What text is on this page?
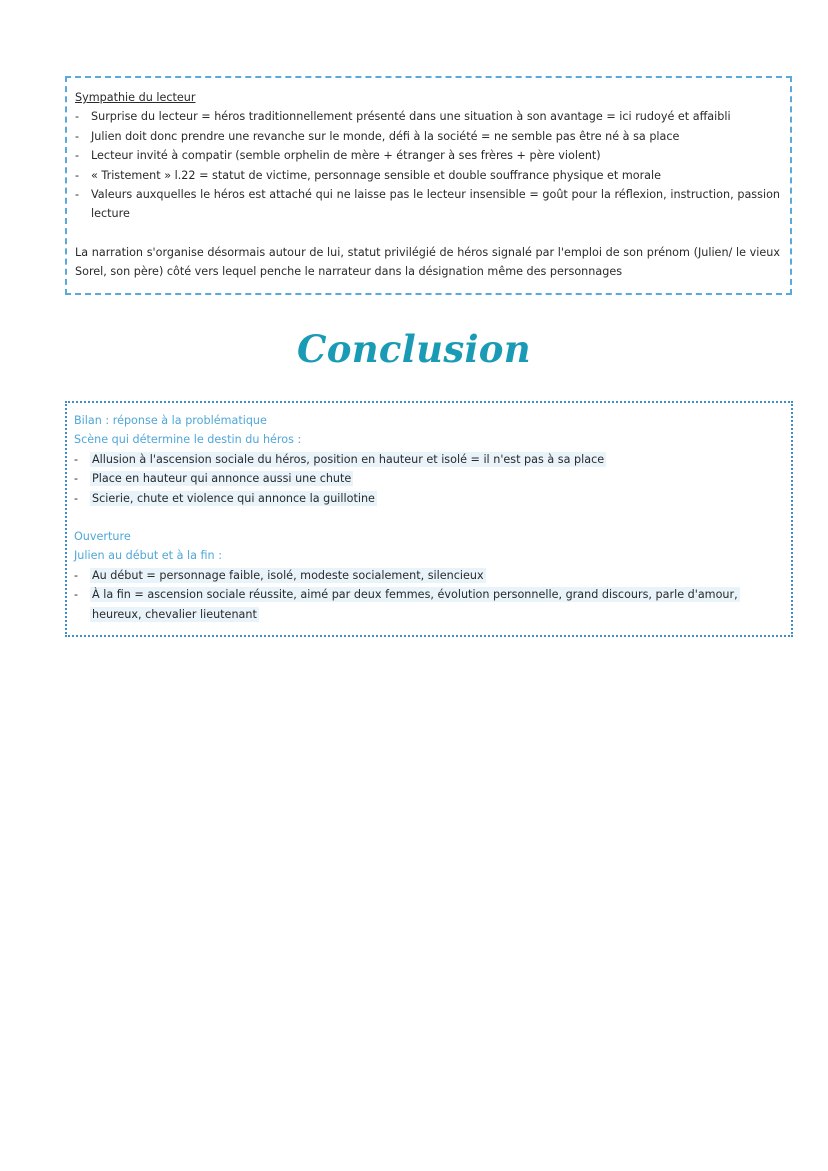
Sympathie du lecteur
- Surprise du lecteur = héros traditionnellement présenté dans une situation à son avantage = ici rudoyé et affaibli
- Julien doit donc prendre une revanche sur le monde, défi à la société = ne semble pas être né à sa place
- Lecteur invité à compatir (semble orphelin de mère + étranger à ses frères + père violent)
- « Tristement » l.22 = statut de victime, personnage sensible et double souffrance physique et morale
- Valeurs auxquelles le héros est attaché qui ne laisse pas le lecteur insensible = goût pour la réflexion, instruction, passion lecture
La narration s'organise désormais autour de lui, statut privilégié de héros signalé par l'emploi de son prénom (Julien/ le vieux Sorel, son père) côté vers lequel penche le narrateur dans la désignation même des personnages
Conclusion
Bilan : réponse à la problématique
Scène qui détermine le destin du héros :
- Allusion à l'ascension sociale du héros, position en hauteur et isolé = il n'est pas à sa place
- Place en hauteur qui annonce aussi une chute
- Scierie, chute et violence qui annonce la guillotine
Ouverture
Julien au début et à la fin :
- Au début = personnage faible, isolé, modeste socialement, silencieux
- À la fin = ascension sociale réussite, aimé par deux femmes, évolution personnelle, grand discours, parle d'amour, heureux, chevalier lieutenant
